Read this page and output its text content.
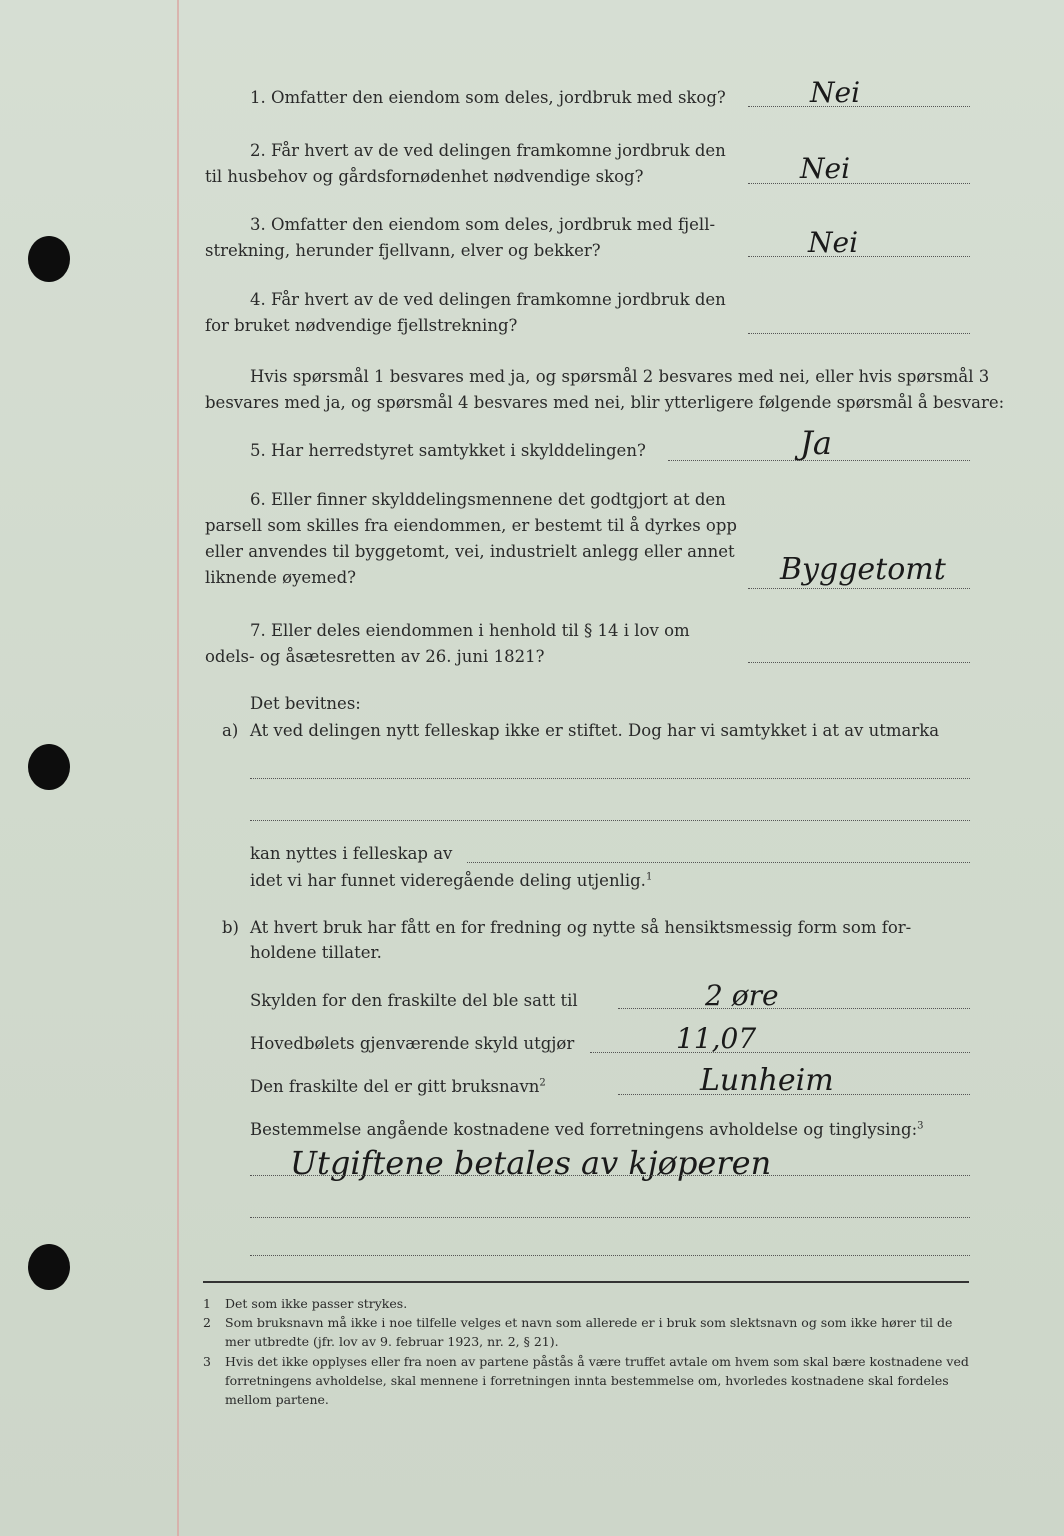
1. Omfatter den eiendom som deles, jordbruk med skog?	Nei
2. Får hvert av de ved delingen framkomne jordbruk den
til husbehov og gårdsfornødenhet nødvendige skog?	Nei
3. Omfatter den eiendom som deles, jordbruk med fjell-
strekning, herunder fjellvann, elver og bekker?	Nei
4. Får hvert av de ved delingen framkomne jordbruk den
for bruket nødvendige fjellstrekning?
Hvis spørsmål 1 besvares med ja, og spørsmål 2 besvares med nei, eller hvis spørsmål 3
besvares med ja, og spørsmål 4 besvares med nei, blir ytterligere følgende spørsmål å besvare:
5. Har herredstyret samtykket i skylddelingen?	Ja
6. Eller finner skylddelingsmennene det godtgjort at den
parsell som skilles fra eiendommen, er bestemt til å dyrkes opp
eller anvendes til byggetomt, vei, industrielt anlegg eller annet
liknende øyemed?	Byggetomt
7. Eller deles eiendommen i henhold til § 14 i lov om
odels- og åsætesretten av 26. juni 1821?
Det bevitnes:
a) At ved delingen nytt felleskap ikke er stiftet. Dog har vi samtykket i at av utmarka
kan nyttes i felleskap av
idet vi har funnet videregående deling utjenlig.$^1$
b) At hvert bruk har fått en for fredning og nytte så hensiktsmessig form som for-
holdene tillater.
Skylden for den fraskilte del ble satt til	2 øre
Hovedbølets gjenværende skyld utgjør	11,07
Den fraskilte del er gitt bruksnavn$^2$	Lunheim
Bestemmelse angående kostnadene ved forretningens avholdelse og tinglysing:$^3$
Utgiftene betales av kjøperen
1 Det som ikke passer strykes.
2 Som bruksnavn må ikke i noe tilfelle velges et navn som allerede er i bruk som slektsnavn og som ikke hører til de mer utbredte (jfr. lov av 9. februar 1923, nr. 2, § 21).
3 Hvis det ikke opplyses eller fra noen av partene påstås å være truffet avtale om hvem som skal bære kostnadene ved forretningens avholdelse, skal mennene i forretningen innta bestemmelse om, hvorledes kostnadene skal fordeles mellom partene.
